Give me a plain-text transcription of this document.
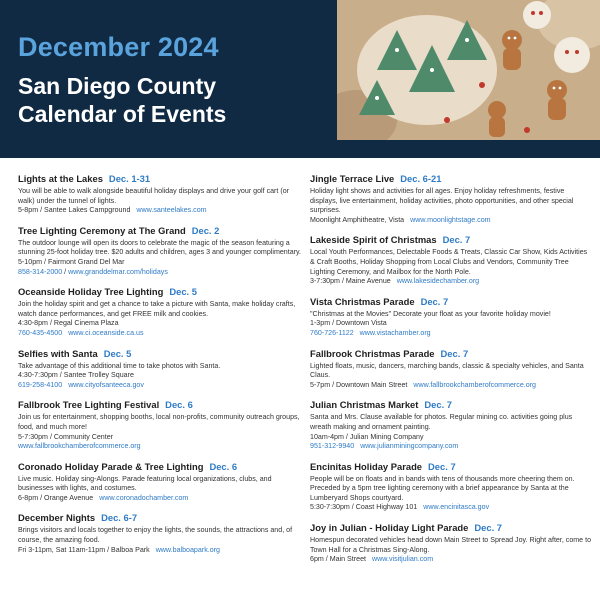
December 2024
San Diego County
Calendar of Events
Lights at the Lakes Dec. 1-31
You will be able to walk alongside beautiful holiday displays and drive your golf cart (or walk) under the tunnel of lights.
5-8pm / Santee Lakes Campground www.santeelakes.com
Tree Lighting Ceremony at The Grand Dec. 2
The outdoor lounge will open its doors to celebrate the magic of the season featuring a stunning 25-foot holiday tree. $20 adults and children, ages 3 and younger complimentary.
5-10pm / Fairmont Grand Del Mar
858-314-2000 / www.granddelmar.com/holidays
Oceanside Holiday Tree Lighting Dec. 5
Join the holiday spirit and get a chance to take a picture with Santa, make holiday crafts, watch dance performances, and get FREE milk and cookies.
4:30-8pm / Regal Cinema Plaza
760-435-4500 www.ci.oceanside.ca.us
Selfies with Santa Dec. 5
Take advantage of this additional time to take photos with Santa.
4:30-7:30pm / Santee Trolley Square
619-258-4100 www.cityofsanteeca.gov
Fallbrook Tree Lighting Festival Dec. 6
Join us for entertainment, shopping booths, local non-profits, community outreach groups, food, and much more!
5-7:30pm / Community Center
www.fallbrookchamberofcommerce.org
Coronado Holiday Parade & Tree Lighting Dec. 6
Live music. Holiday sing-Alongs. Parade featuring local organizations, clubs, and businesses with lights, and costumes.
6-8pm / Orange Avenue www.coronadochamber.com
December Nights Dec. 6-7
Brings visitors and locals together to enjoy the lights, the sounds, the attractions and, of course, the amazing food.
Fri 3-11pm, Sat 11am-11pm / Balboa Park www.balboapark.org
Jingle Terrace Live Dec. 6-21
Holiday light shows and activities for all ages. Enjoy holiday refreshments, festive displays, live entertainment, holiday activities, photo opportunities, and other special surprises.
Moonlight Amphitheatre, Vista www.moonlightstage.com
Lakeside Spirit of Christmas Dec. 7
Local Youth Performances, Delectable Foods & Treats, Classic Car Show, Kids Activities & Craft Booths, Holiday Shopping from Local Clubs and Vendors, Community Tree Lighting Ceremony, and Mailbox for the North Pole.
3-7:30pm / Maine Avenue www.lakesidechamber.org
Vista Christmas Parade Dec. 7
"Christmas at the Movies" Decorate your float as your favorite holiday movie!
1-3pm / Downtown Vista
760-726-1122 www.vistachamber.org
Fallbrook Christmas Parade Dec. 7
Lighted floats, music, dancers, marching bands, classic & specialty vehicles, and Santa Claus.
5-7pm / Downtown Main Street www.fallbrookchamberofcommerce.org
Julian Christmas Market Dec. 7
Santa and Mrs. Clause available for photos. Regular mining co. activities going plus wreath making and ornament painting.
10am-4pm / Julian Mining Company
951-312-9940 www.julianminingcompany.com
Encinitas Holiday Parade Dec. 7
People will be on floats and in bands with tens of thousands more cheering them on. Preceded by a 5pm tree lighting ceremony with a brief appearance by Santa at the Lumberyard Shops courtyard.
5:30-7:30pm / Coast Highway 101 www.encinitasca.gov
Joy in Julian - Holiday Light Parade Dec. 7
Homespun decorated vehicles head down Main Street to Spread Joy. Right after, come to Town Hall for a Christmas Sing-Along.
6pm / Main Street www.visitjulian.com
